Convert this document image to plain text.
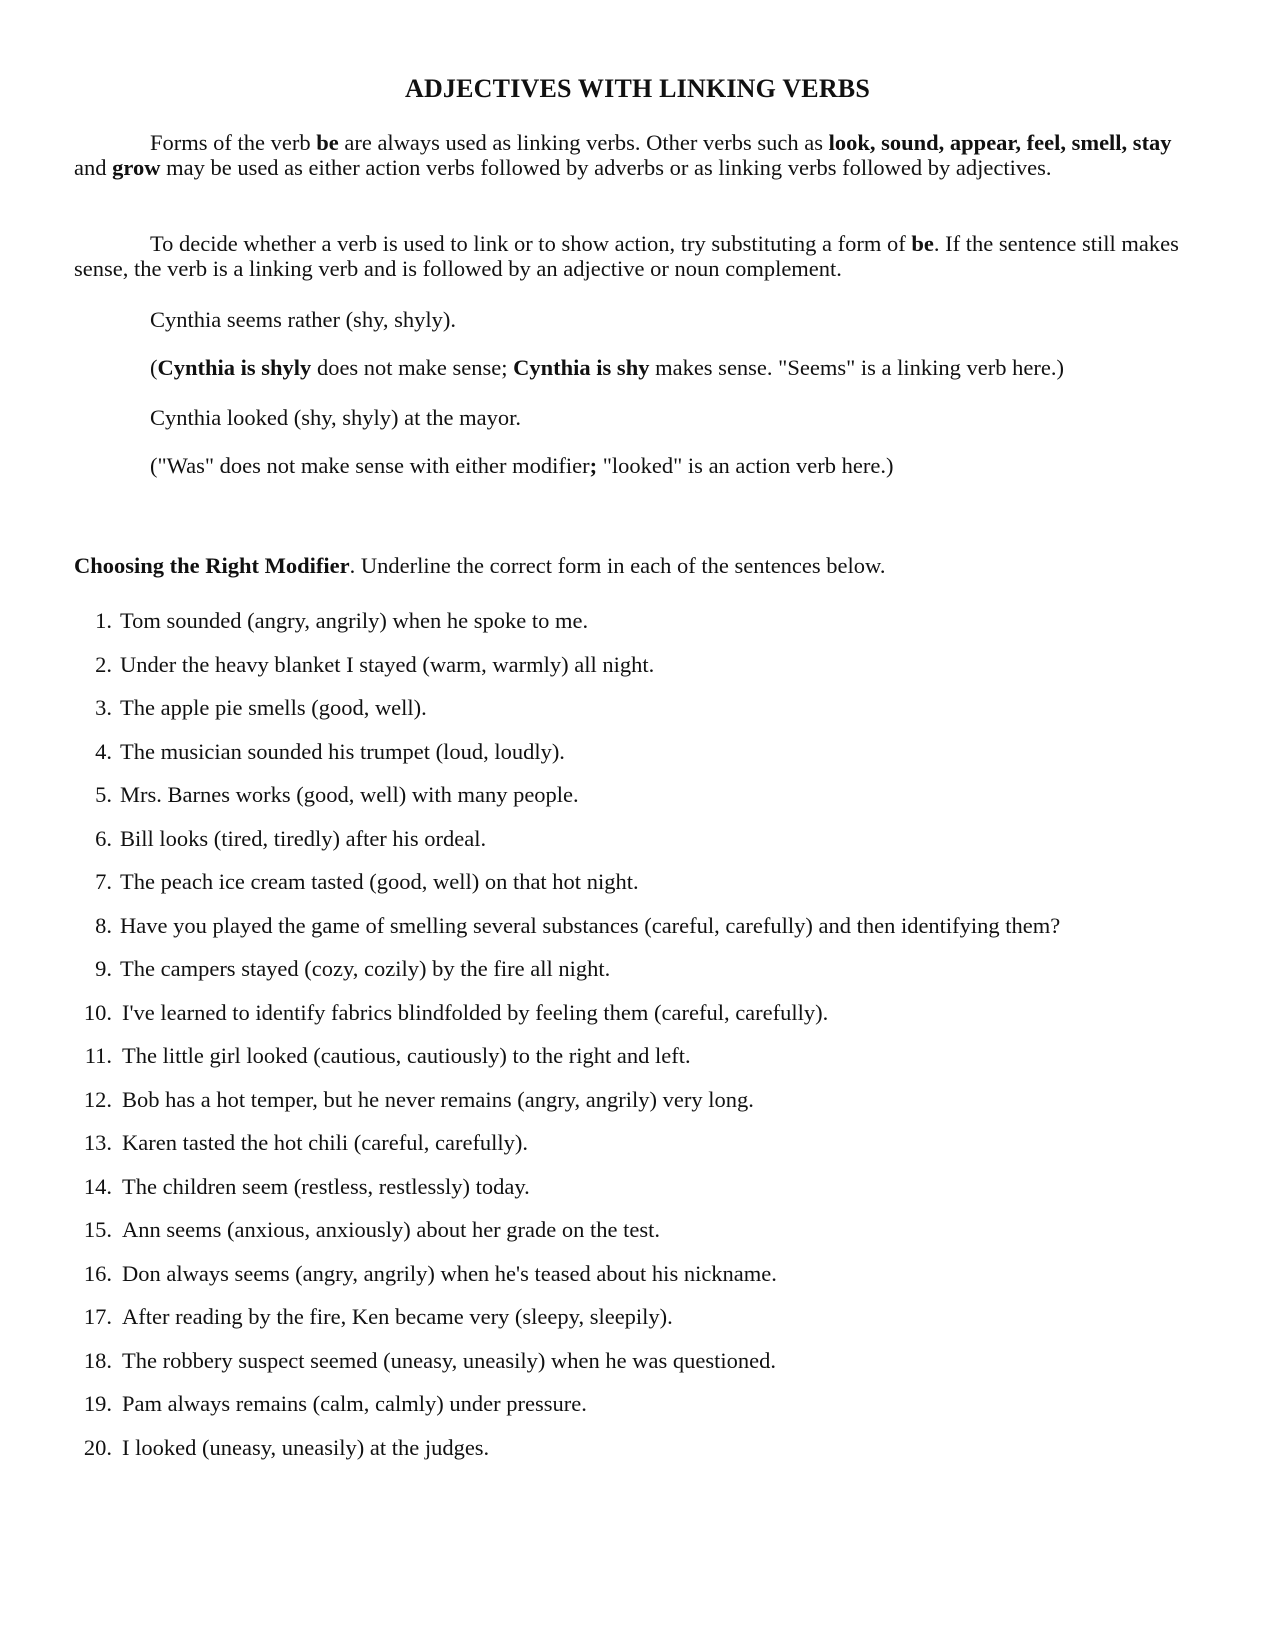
ADJECTIVES WITH LINKING VERBS

Forms of the verb be are always used as linking verbs. Other verbs such as look, sound, appear, feel, smell, stay and grow may be used as either action verbs followed by adverbs or as linking verbs followed by adjectives.

To decide whether a verb is used to link or to show action, try substituting a form of be. If the sentence still makes sense, the verb is a linking verb and is followed by an adjective or noun complement.

Cynthia seems rather (shy, shyly).
(Cynthia is shyly does not make sense; Cynthia is shy makes sense. "Seems" is a linking verb here.)
Cynthia looked (shy, shyly) at the mayor.
("Was" does not make sense with either modifier; "looked" is an action verb here.)
Choosing the Right Modifier. Underline the correct form in each of the sentences below.
1. Tom sounded (angry, angrily) when he spoke to me.
2. Under the heavy blanket I stayed (warm, warmly) all night.
3. The apple pie smells (good, well).
4. The musician sounded his trumpet (loud, loudly).
5. Mrs. Barnes works (good, well) with many people.
6. Bill looks (tired, tiredly) after his ordeal.
7. The peach ice cream tasted (good, well) on that hot night.
8. Have you played the game of smelling several substances (careful, carefully) and then identifying them?
9. The campers stayed (cozy, cozily) by the fire all night.
10. I've learned to identify fabrics blindfolded by feeling them (careful, carefully).
11. The little girl looked (cautious, cautiously) to the right and left.
12. Bob has a hot temper, but he never remains (angry, angrily) very long.
13. Karen tasted the hot chili (careful, carefully).
14. The children seem (restless, restlessly) today.
15. Ann seems (anxious, anxiously) about her grade on the test.
16. Don always seems (angry, angrily) when he's teased about his nickname.
17. After reading by the fire, Ken became very (sleepy, sleepily).
18. The robbery suspect seemed (uneasy, uneasily) when he was questioned.
19. Pam always remains (calm, calmly) under pressure.
20. I looked (uneasy, uneasily) at the judges.
